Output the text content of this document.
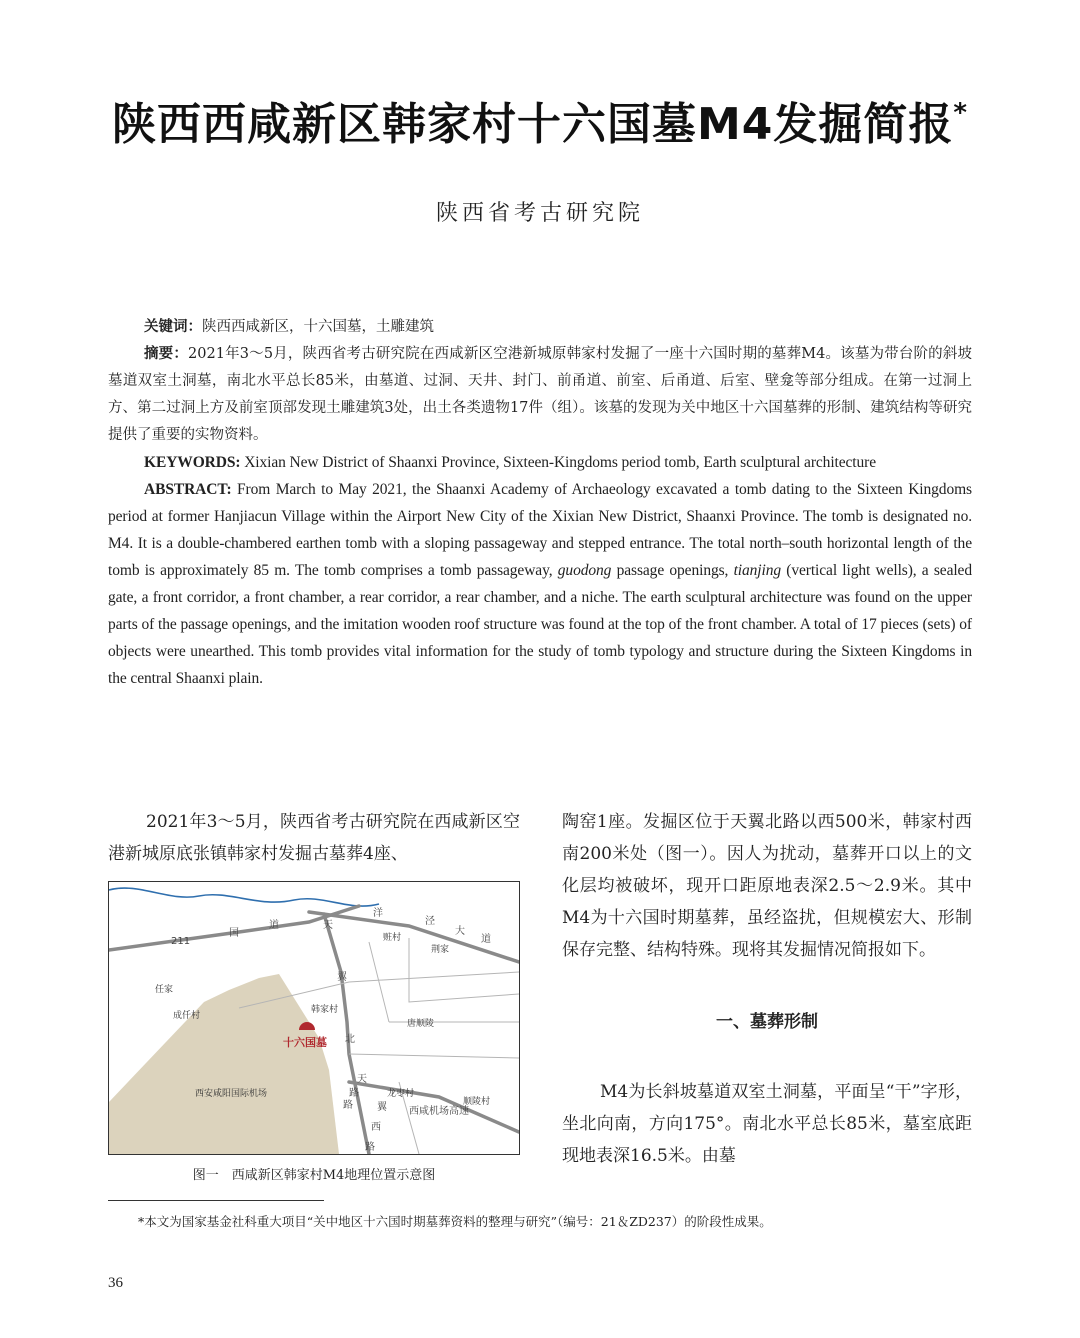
陕西西咸新区韩家村十六国墓M4发掘简报*
陕西省考古研究院

关键词：陕西西咸新区，十六国墓，土雕建筑

摘要：2021年3～5月，陕西省考古研究院在西咸新区空港新城原韩家村发掘了一座十六国时期的墓葬M4。该墓为带台阶的斜坡墓道双室土洞墓，南北水平总长85米，由墓道、过洞、天井、封门、前甬道、前室、后甬道、后室、壁龛等部分组成。在第一过洞上方、第二过洞上方及前室顶部发现土雕建筑3处，出土各类遗物17件（组）。该墓的发现为关中地区十六国墓葬的形制、建筑结构等研究提供了重要的实物资料。

KEYWORDS: Xixian New District of Shaanxi Province, Sixteen-Kingdoms period tomb, Earth sculptural architecture

ABSTRACT: From March to May 2021, the Shaanxi Academy of Archaeology excavated a tomb dating to the Sixteen Kingdoms period at former Hanjiacun Village within the Airport New City of the Xixian New District, Shaanxi Province. The tomb is designated no. M4. It is a double-chambered earthen tomb with a sloping passageway and stepped entrance. The total north–south horizontal length of the tomb is approximately 85 m. The tomb comprises a tomb passageway, guodong passage openings, tianjing (vertical light wells), a sealed gate, a front corridor, a front chamber, a rear corridor, a rear chamber, and a niche. The earth sculptural architecture was found on the upper parts of the passage openings, and the imitation wooden roof structure was found at the top of the front chamber. A total of 17 pieces (sets) of objects were unearthed. This tomb provides vital information for the study of tomb typology and structure during the Sixteen Kingdoms in the central Shaanxi plain.

2021年3～5月，陕西省考古研究院在西咸新区空港新城原底张镇韩家村发掘古墓葬4座、

211
国
道	天
翼
北
路
洋
泾
大
道
赃村
荆家
任家
成仟村
韩家村
唐顺陵
十六国墓
西安咸阳国际机场	龙枣村
顺陵村
西咸机场高速
天
翼
西
路
路
图一　西咸新区韩家村M4地理位置示意图

陶窑1座。发掘区位于天翼北路以西500米，韩家村西南200米处（图一）。因人为扰动，墓葬开口以上的文化层均被破坏，现开口距原地表深2.5～2.9米。其中M4为十六国时期墓葬，虽经盗扰，但规模宏大、形制保存完整、结构特殊。现将其发掘情况简报如下。

一、墓葬形制

M4为长斜坡墓道双室土洞墓，平面呈“干”字形，坐北向南，方向175°。南北水平总长85米，墓室底距现地表深16.5米。由墓

*本文为国家基金社科重大项目“关中地区十六国时期墓葬资料的整理与研究”（编号：21＆ZD237）的阶段性成果。
36
